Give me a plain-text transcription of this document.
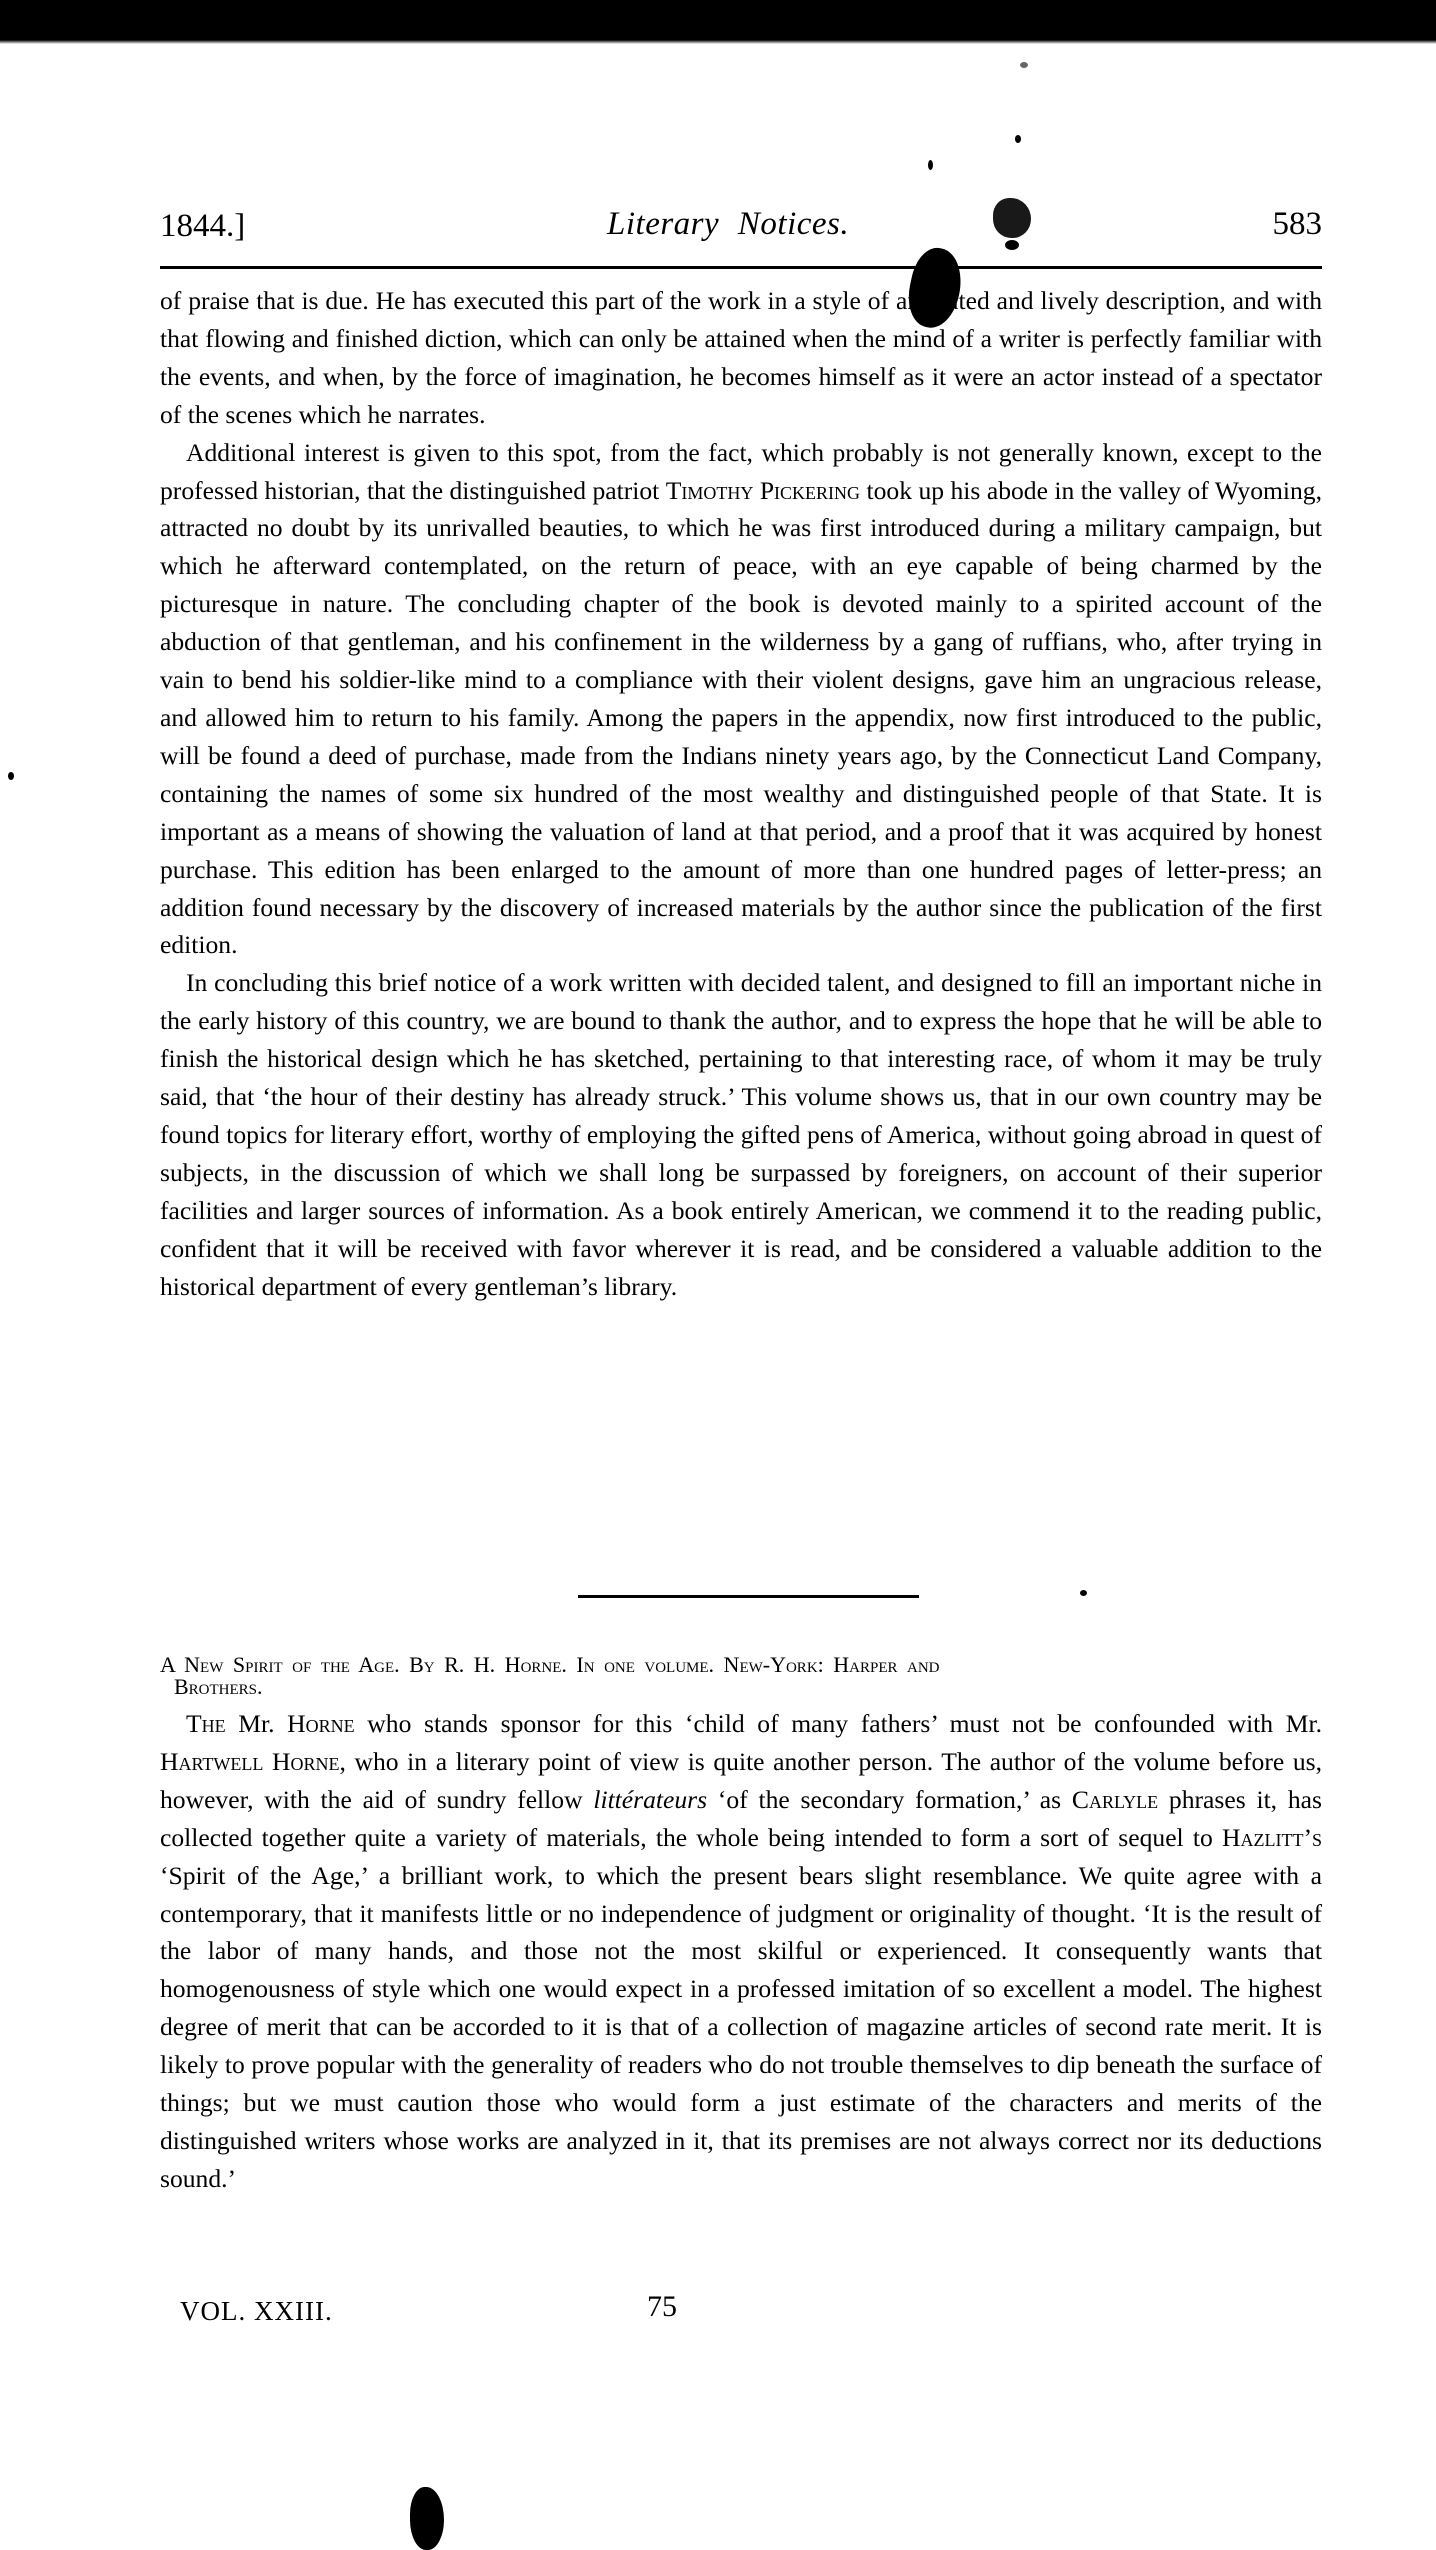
1844.]	Literary Notices.	583

of praise that is due. He has executed this part of the work in a style of animated and lively description, and with that flowing and finished diction, which can only be attained when the mind of a writer is perfectly familiar with the events, and when, by the force of imagination, he becomes himself as it were an actor instead of a spectator of the scenes which he narrates.

Additional interest is given to this spot, from the fact, which probably is not generally known, except to the professed historian, that the distinguished patriot Timothy Pickering took up his abode in the valley of Wyoming, attracted no doubt by its unrivalled beauties, to which he was first introduced during a military campaign, but which he afterward contemplated, on the return of peace, with an eye capable of being charmed by the picturesque in nature. The concluding chapter of the book is devoted mainly to a spirited account of the abduction of that gentleman, and his confinement in the wilderness by a gang of ruffians, who, after trying in vain to bend his soldier-like mind to a compliance with their violent designs, gave him an ungracious release, and allowed him to return to his family. Among the papers in the appendix, now first introduced to the public, will be found a deed of purchase, made from the Indians ninety years ago, by the Connecticut Land Company, containing the names of some six hundred of the most wealthy and distinguished people of that State. It is important as a means of showing the valuation of land at that period, and a proof that it was acquired by honest purchase. This edition has been enlarged to the amount of more than one hundred pages of letter-press; an addition found necessary by the discovery of increased materials by the author since the publication of the first edition.

In concluding this brief notice of a work written with decided talent, and designed to fill an important niche in the early history of this country, we are bound to thank the author, and to express the hope that he will be able to finish the historical design which he has sketched, pertaining to that interesting race, of whom it may be truly said, that ‘the hour of their destiny has already struck.’ This volume shows us, that in our own country may be found topics for literary effort, worthy of employing the gifted pens of America, without going abroad in quest of subjects, in the discussion of which we shall long be surpassed by foreigners, on account of their superior facilities and larger sources of information. As a book entirely American, we commend it to the reading public, confident that it will be received with favor wherever it is read, and be considered a valuable addition to the historical department of every gentleman’s library.

A New Spirit of the Age. By R. H. Horne. In one volume. New-York: Harper and
Brothers.

The Mr. Horne who stands sponsor for this ‘child of many fathers’ must not be confounded with Mr. Hartwell Horne, who in a literary point of view is quite another person. The author of the volume before us, however, with the aid of sundry fellow littérateurs ‘of the secondary formation,’ as Carlyle phrases it, has collected together quite a variety of materials, the whole being intended to form a sort of sequel to Hazlitt’s ‘Spirit of the Age,’ a brilliant work, to which the present bears slight resemblance. We quite agree with a contemporary, that it manifests little or no independence of judgment or originality of thought. ‘It is the result of the labor of many hands, and those not the most skilful or experienced. It consequently wants that homogenousness of style which one would expect in a professed imitation of so excellent a model. The highest degree of merit that can be accorded to it is that of a collection of magazine articles of second rate merit. It is likely to prove popular with the generality of readers who do not trouble themselves to dip beneath the surface of things; but we must caution those who would form a just estimate of the characters and merits of the distinguished writers whose works are analyzed in it, that its premises are not always correct nor its deductions sound.’

VOL. XXIII.	75
